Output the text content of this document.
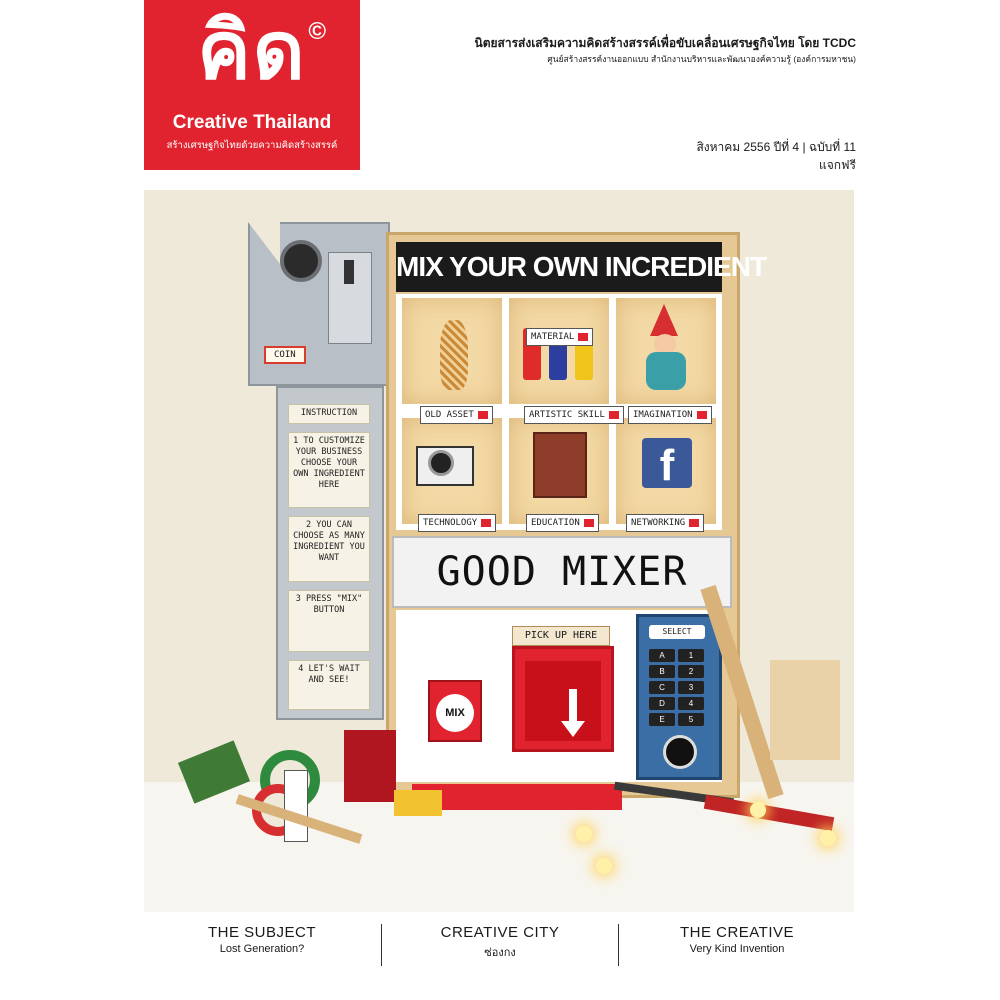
คิด ©
Creative Thailand
สร้างเศรษฐกิจไทยด้วยความคิดสร้างสรรค์
นิตยสารส่งเสริมความคิดสร้างสรรค์เพื่อขับเคลื่อนเศรษฐกิจไทย โดย TCDC
ศูนย์สร้างสรรค์งานออกแบบ สำนักงานบริหารและพัฒนาองค์ความรู้ (องค์การมหาชน)
สิงหาคม 2556 ปีที่ 4 | ฉบับที่ 11
แจกฟรี
COIN
INSTRUCTION
1 TO CUSTOMIZE YOUR BUSINESS CHOOSE YOUR OWN INGREDIENT HERE
2 YOU CAN CHOOSE AS MANY INGREDIENT YOU WANT
3 PRESS "MIX" BUTTON
4 LET'S WAIT AND SEE!
MIX YOUR OWN INCREDIENT
f
OLD ASSET
MATERIAL
ARTISTIC SKILL	IMAGINATION
TECHNOLOGY	EDUCATION	NETWORKING
GOOD MIXER
PICK UP HERE
MIX
SELECT
A	1
B	2
C	3
D	4
E	5
THE SUBJECT
Lost Generation?
CREATIVE CITY
ซ่องกง
THE CREATIVE
Very Kind Invention
